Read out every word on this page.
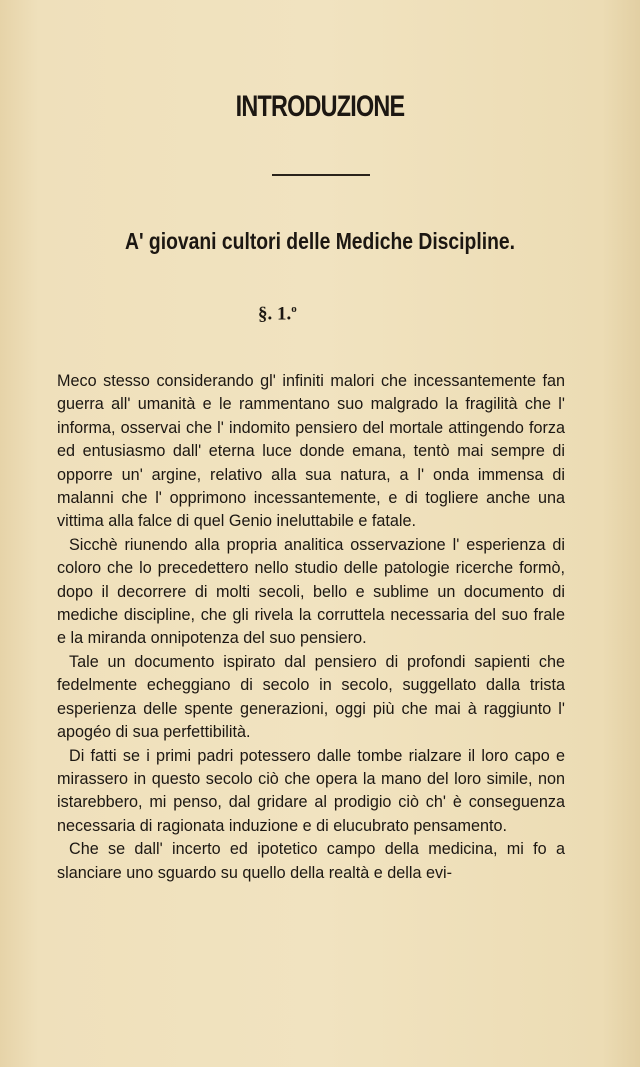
INTRODUZIONE
A' giovani cultori delle Mediche Discipline.
§. 1.$^o$

Meco stesso considerando gl' infiniti malori che incessantemente fan guerra all' umanità e le rammentano suo malgrado la fragilità che l' informa, osservai che l' indomito pensiero del mortale attingendo forza ed entusiasmo dall' eterna luce donde emana, tentò mai sempre di opporre un' argine, relativo alla sua natura, a l' onda immensa di malanni che l' opprimono incessantemente, e di togliere anche una vittima alla falce di quel Genio ineluttabile e fatale.

Sicchè riunendo alla propria analitica osservazione l' esperienza di coloro che lo precedettero nello studio delle patologie ricerche formò, dopo il decorrere di molti secoli, bello e sublime un documento di mediche discipline, che gli rivela la corruttela necessaria del suo frale e la miranda onnipotenza del suo pensiero.

Tale un documento ispirato dal pensiero di profondi sapienti che fedelmente echeggiano di secolo in secolo, suggellato dalla trista esperienza delle spente generazioni, oggi più che mai à raggiunto l' apogéo di sua perfettibilità.

Di fatti se i primi padri potessero dalle tombe rialzare il loro capo e mirassero in questo secolo ciò che opera la mano del loro simile, non istarebbero, mi penso, dal gridare al prodigio ciò ch' è conseguenza necessaria di ragionata induzione e di elucubrato pensamento.

Che se dall' incerto ed ipotetico campo della medicina, mi fo a slanciare uno sguardo su quello della realtà e della evi-
